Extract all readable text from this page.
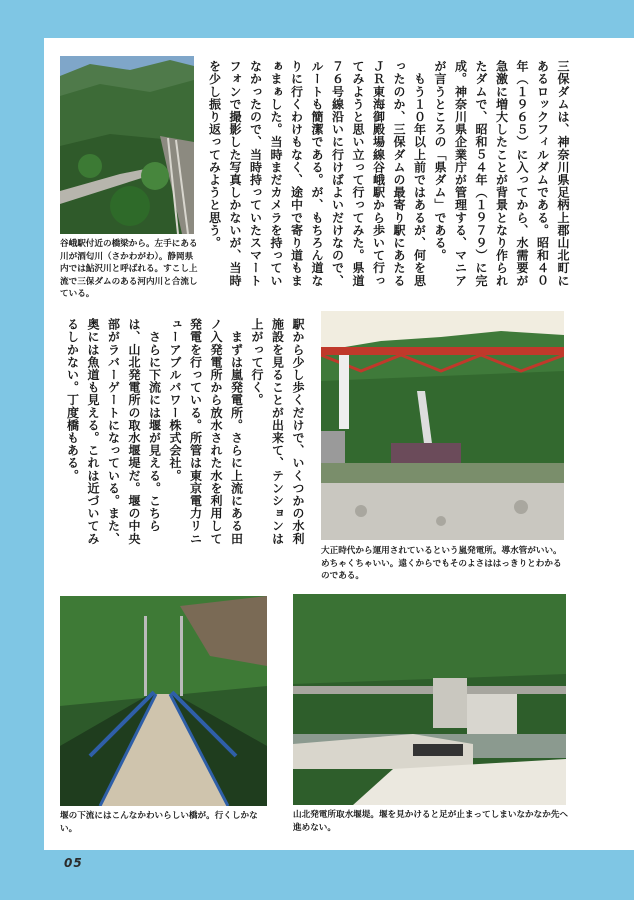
三保ダムは、神奈川県足柄上郡山北町にあるロックフィルダムである。昭和４０年（１９６５）に入ってから、水需要が急激に増大したことが背景となり作られたダムで、昭和５４年（１９７９）に完成。神奈川県企業庁が管理する、マニアが言うところの「県ダム」である。
　もう１０年以上前ではあるが、何を思ったのか、三保ダムの最寄り駅にあたるＪＲ東海御殿場線谷峨駅から歩いて行ってみようと思い立って行ってみた。県道７６号線沿いに行けばよいだけなので、ルートも簡潔である。が、もちろん道なりに行くわけもなく、途中で寄り道もまぁまぁした。当時まだカメラを持っていなかったので、当時持っていたスマートフォンで撮影した写真しかないが、当時を少し振り返ってみようと思う。
駅から少し歩くだけで、いくつかの水利施設を見ることが出来て、テンションは上がって行く。
　まずは嵐発電所。さらに上流にある田ノ入発電所から放水された水を利用して発電を行っている。所管は東京電力リニューアブルパワー株式会社。
　さらに下流には堰が見える。こちらは、山北発電所の取水堰堤だ。堰の中央部がラバーゲートになっている。また、奥には魚道も見える。これは近づいてみるしかない。丁度橋もある。
谷峨駅付近の橋梁から。左手にある川が酒匂川（さかわがわ）。静岡県内では鮎沢川と呼ばれる。すこし上流で三保ダムのある河内川と合流している。
大正時代から運用されているという嵐発電所。導水管がいい。めちゃくちゃいい。遠くからでもそのよさははっきりとわかるのである。
堰の下流にはこんなかわいらしい橋が。行くしかない。
山北発電所取水堰堤。堰を見かけると足が止まってしまいなかなか先へ進めない。
05
